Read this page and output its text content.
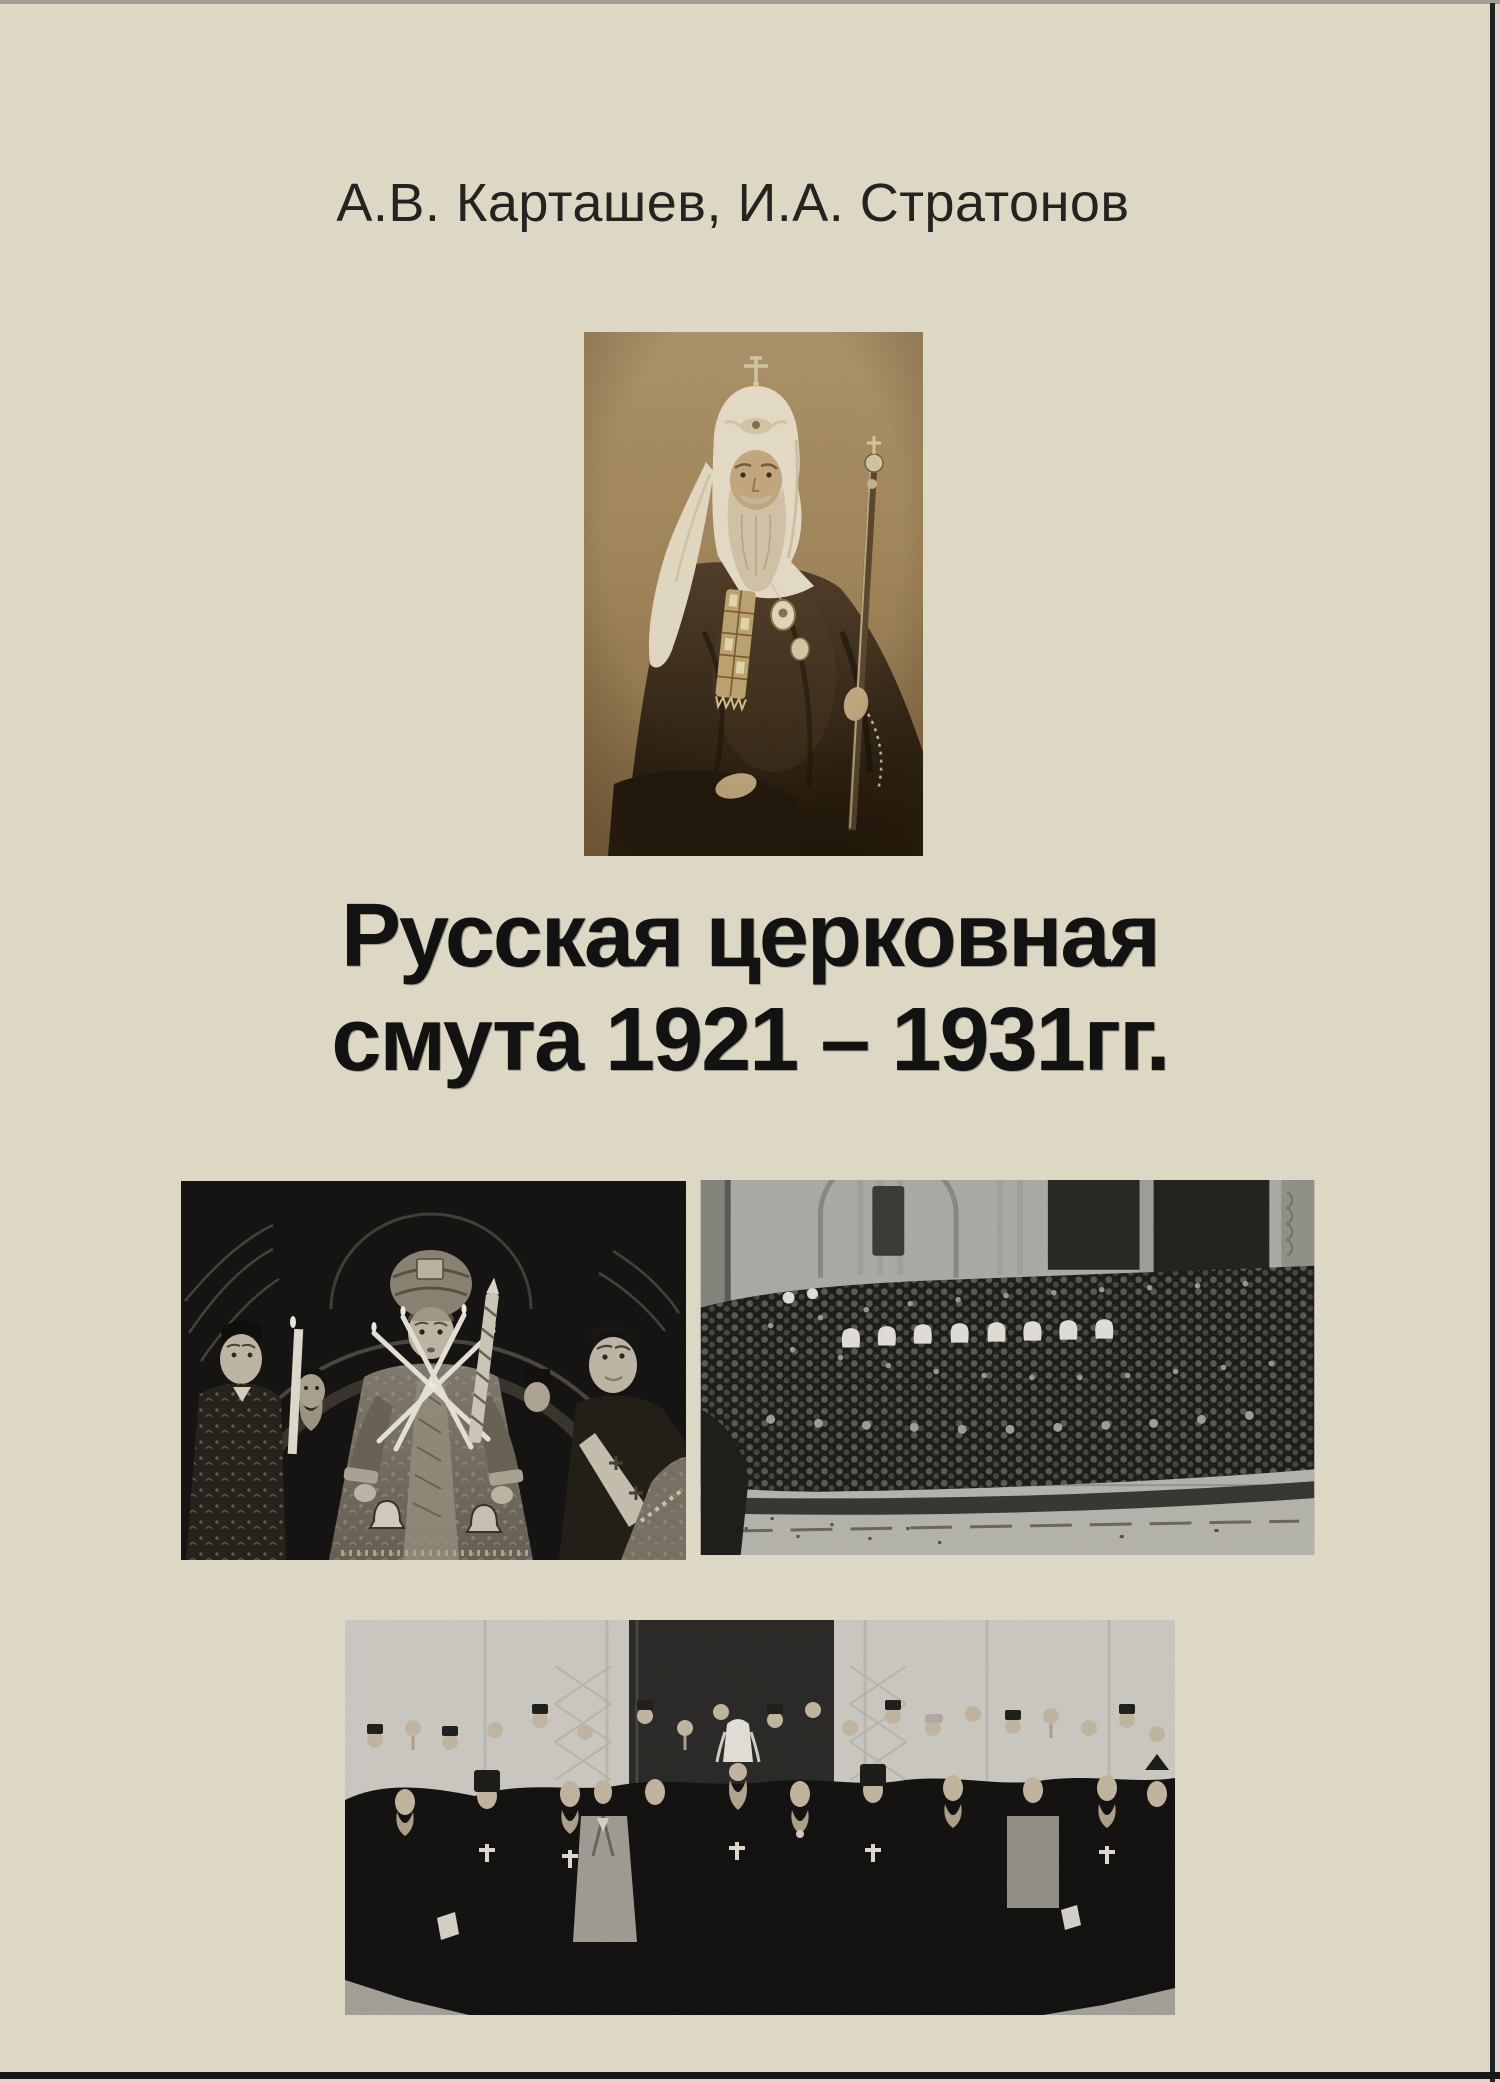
А.В. Карташев, И.А. Стратонов
Русская церковная
смута 1921 – 1931гг.
